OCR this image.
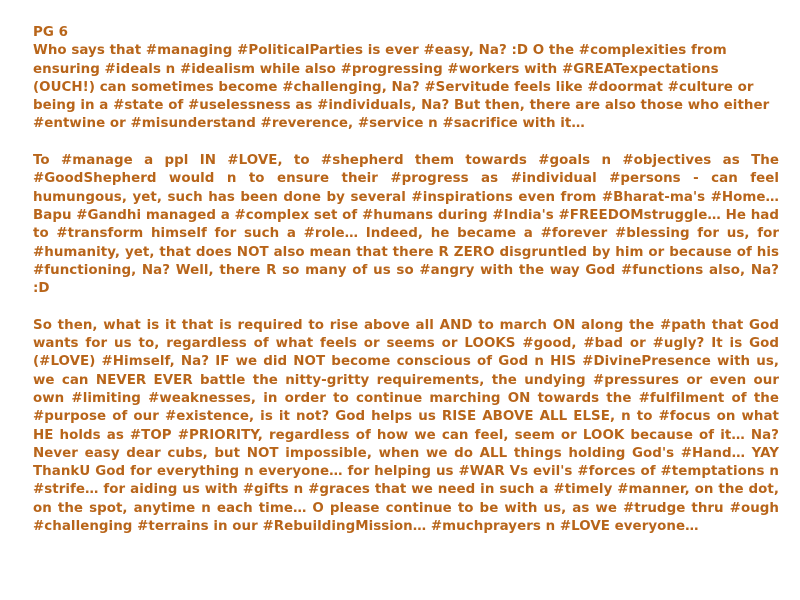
PG 6

Who says that #managing #PoliticalParties is ever #easy, Na? :D O the #complexities from ensuring #ideals n #idealism while also #progressing #workers with #GREATexpectations (OUCH!) can sometimes become #challenging, Na? #Servitude feels like #doormat #culture or being in a #state of #uselessness as #individuals, Na? But then, there are also those who either #entwine or #misunderstand #reverence, #service n #sacrifice with it…

To #manage a ppl IN #LOVE, to #shepherd them towards #goals n #objectives as The #GoodShepherd would n to ensure their #progress as #individual #persons - can feel humungous, yet, such has been done by several #inspirations even from #Bharat-ma's #Home… Bapu #Gandhi managed a #complex set of #humans during #India's #FREEDOMstruggle… He had to #transform himself for such a #role… Indeed, he became a #forever #blessing for us, for #humanity, yet, that does NOT also mean that there R ZERO disgruntled by him or because of his #functioning, Na? Well, there R so many of us so #angry with the way God #functions also, Na? :D

So then, what is it that is required to rise above all AND to march ON along the #path that God wants for us to, regardless of what feels or seems or LOOKS #good, #bad or #ugly? It is God (#LOVE) #Himself, Na? IF we did NOT become conscious of God n HIS #DivinePresence with us, we can NEVER EVER battle the nitty-gritty requirements, the undying #pressures or even our own #limiting #weaknesses, in order to continue marching ON towards the #fulfilment of the #purpose of our #existence, is it not? God helps us RISE ABOVE ALL ELSE, n to #focus on what HE holds as #TOP #PRIORITY, regardless of how we can feel, seem or LOOK because of it… Na? Never easy dear cubs, but NOT impossible, when we do ALL things holding God's #Hand… YAY ThankU God for everything n everyone… for helping us #WAR Vs evil's #forces of #temptations n #strife… for aiding us with #gifts n #graces that we need in such a #timely #manner, on the dot, on the spot, anytime n each time… O please continue to be with us, as we #trudge thru #ough #challenging #terrains in our #RebuildingMission… #muchprayers n #LOVE everyone…
